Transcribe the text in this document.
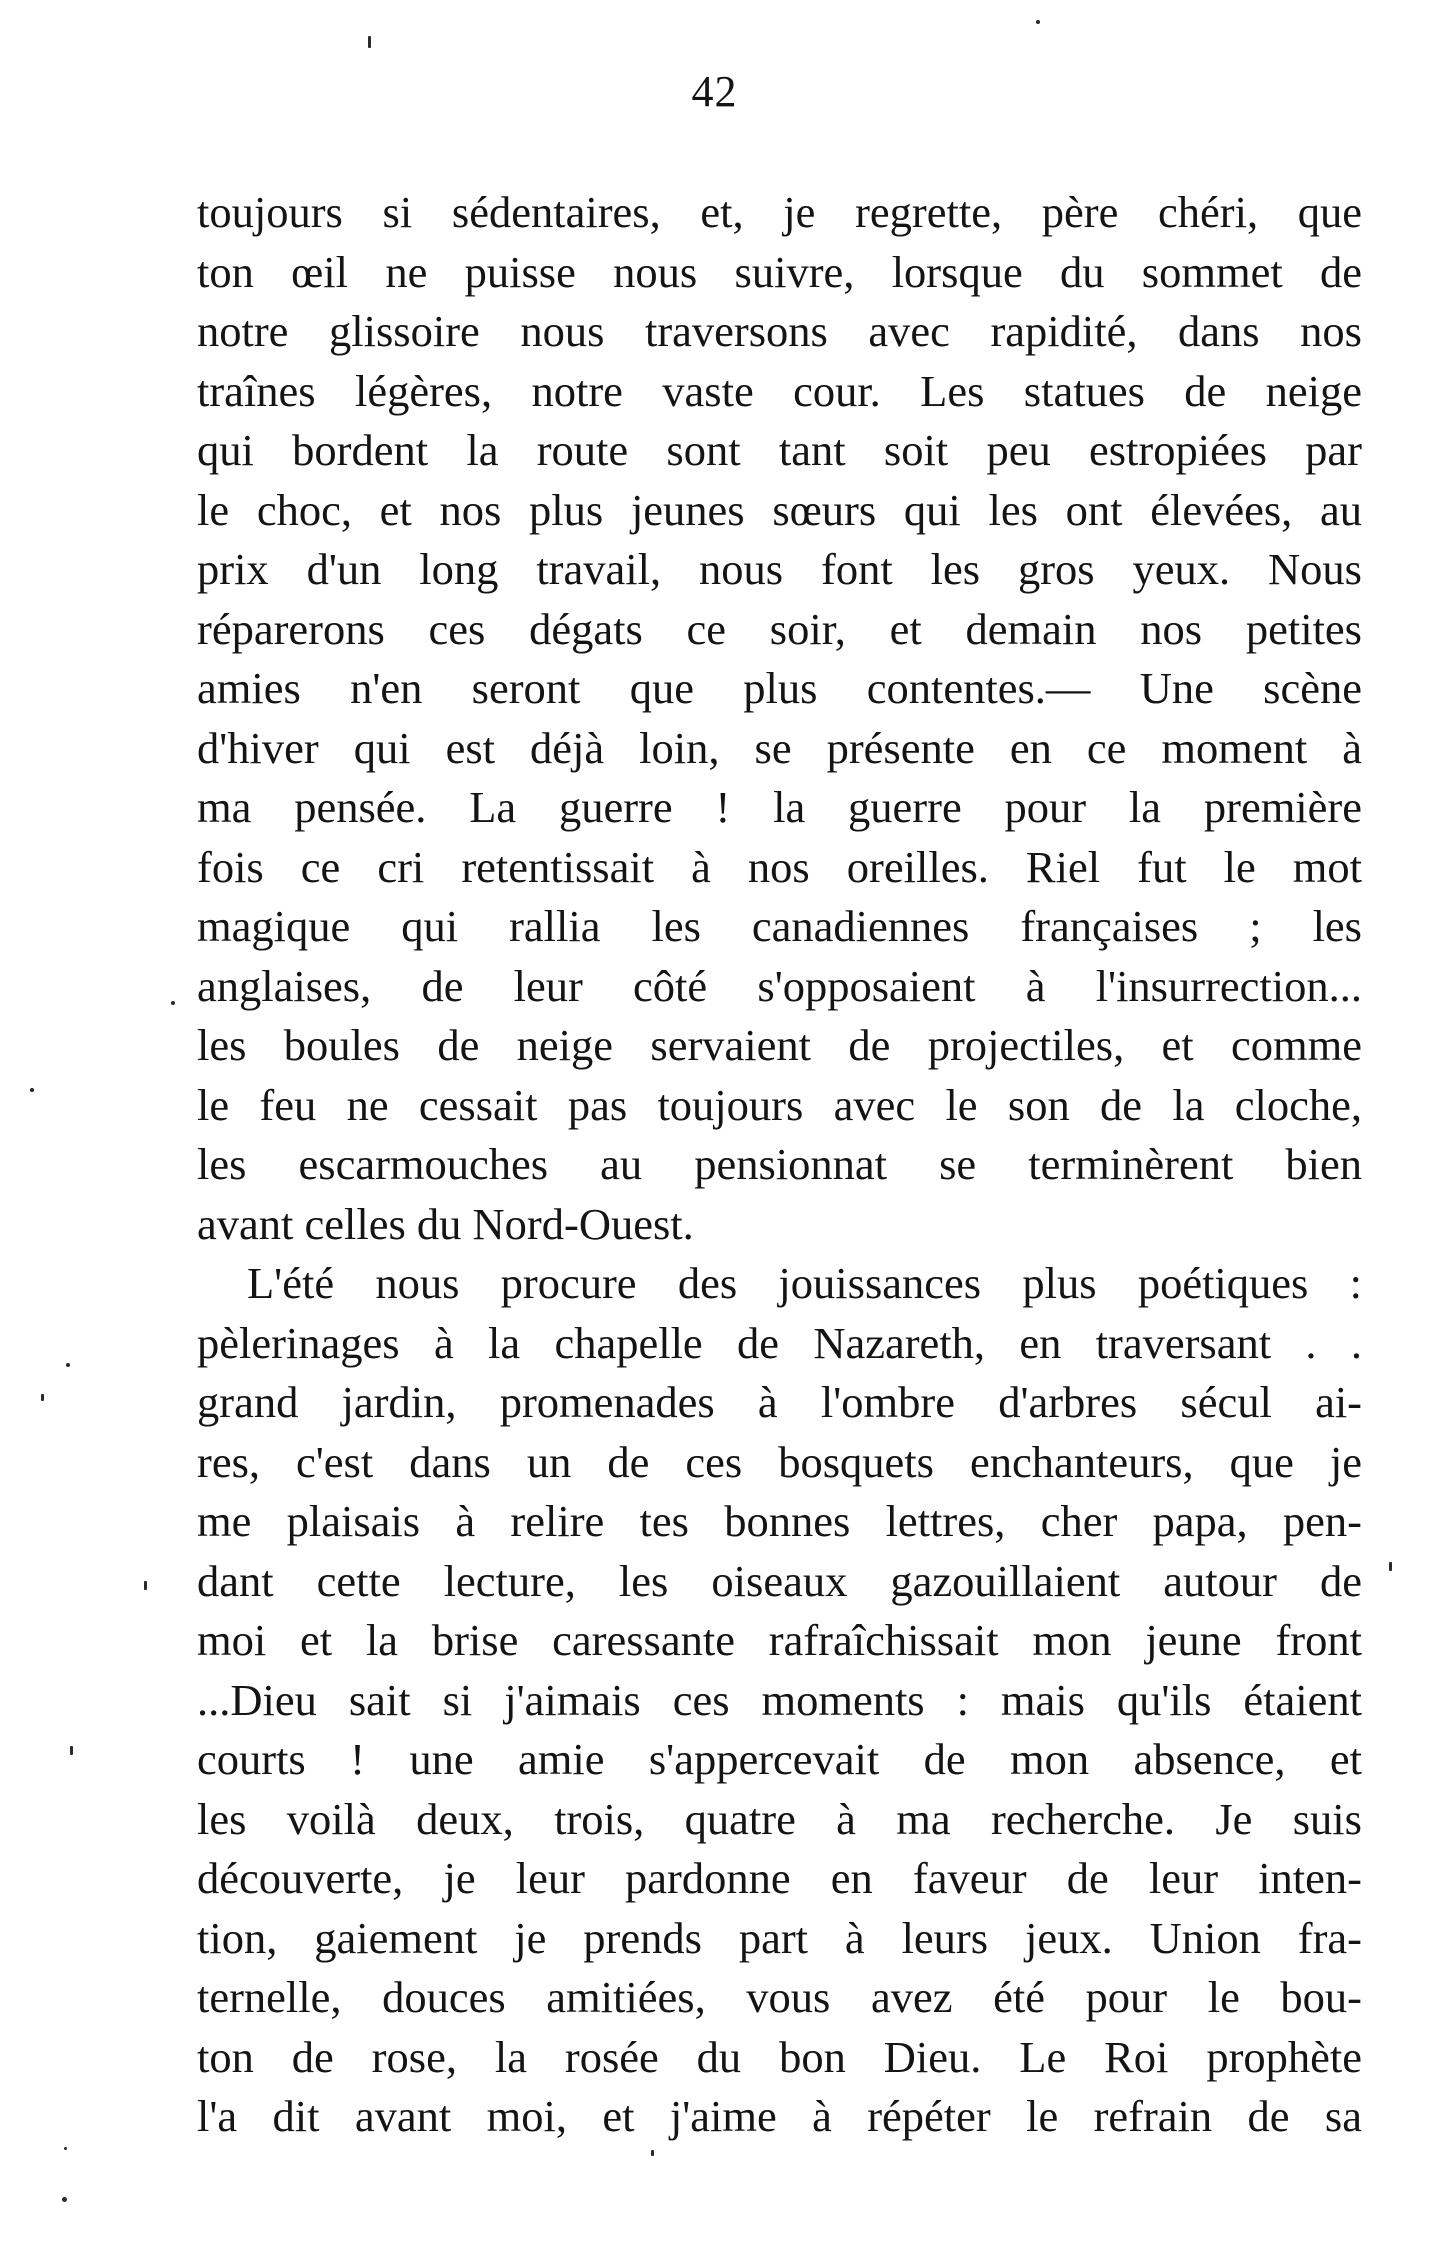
42
toujours si sédentaires, et, je regrette, père chéri, que
ton œil ne puisse nous suivre, lorsque du sommet de
notre glissoire nous traversons avec rapidité, dans nos
traînes légères, notre vaste cour. Les statues de neige
qui bordent la route sont tant soit peu estropiées par
le choc, et nos plus jeunes sœurs qui les ont élevées, au
prix d'un long travail, nous font les gros yeux. Nous
réparerons ces dégats ce soir, et demain nos petites
amies n'en seront que plus contentes.— Une scène
d'hiver qui est déjà loin, se présente en ce moment à
ma pensée. La guerre ! la guerre pour la première
fois ce cri retentissait à nos oreilles. Riel fut le mot
magique qui rallia les canadiennes françaises ; les
anglaises, de leur côté s'opposaient à l'insurrection...
les boules de neige servaient de projectiles, et comme
le feu ne cessait pas toujours avec le son de la cloche,
les escarmouches au pensionnat se terminèrent bien
avant celles du Nord-Ouest.
L'été nous procure des jouissances plus poétiques :
pèlerinages à la chapelle de Nazareth, en traversant . .
grand jardin, promenades à l'ombre d'arbres sécul ai-
res, c'est dans un de ces bosquets enchanteurs, que je
me plaisais à relire tes bonnes lettres, cher papa, pen-
dant cette lecture, les oiseaux gazouillaient autour de
moi et la brise caressante rafraîchissait mon jeune front
...Dieu sait si j'aimais ces moments : mais qu'ils étaient
courts ! une amie s'appercevait de mon absence, et
les voilà deux, trois, quatre à ma recherche. Je suis
découverte, je leur pardonne en faveur de leur inten-
tion, gaiement je prends part à leurs jeux. Union fra-
ternelle, douces amitiées, vous avez été pour le bou-
ton de rose, la rosée du bon Dieu. Le Roi prophète
l'a dit avant moi, et j'aime à répéter le refrain de sa
